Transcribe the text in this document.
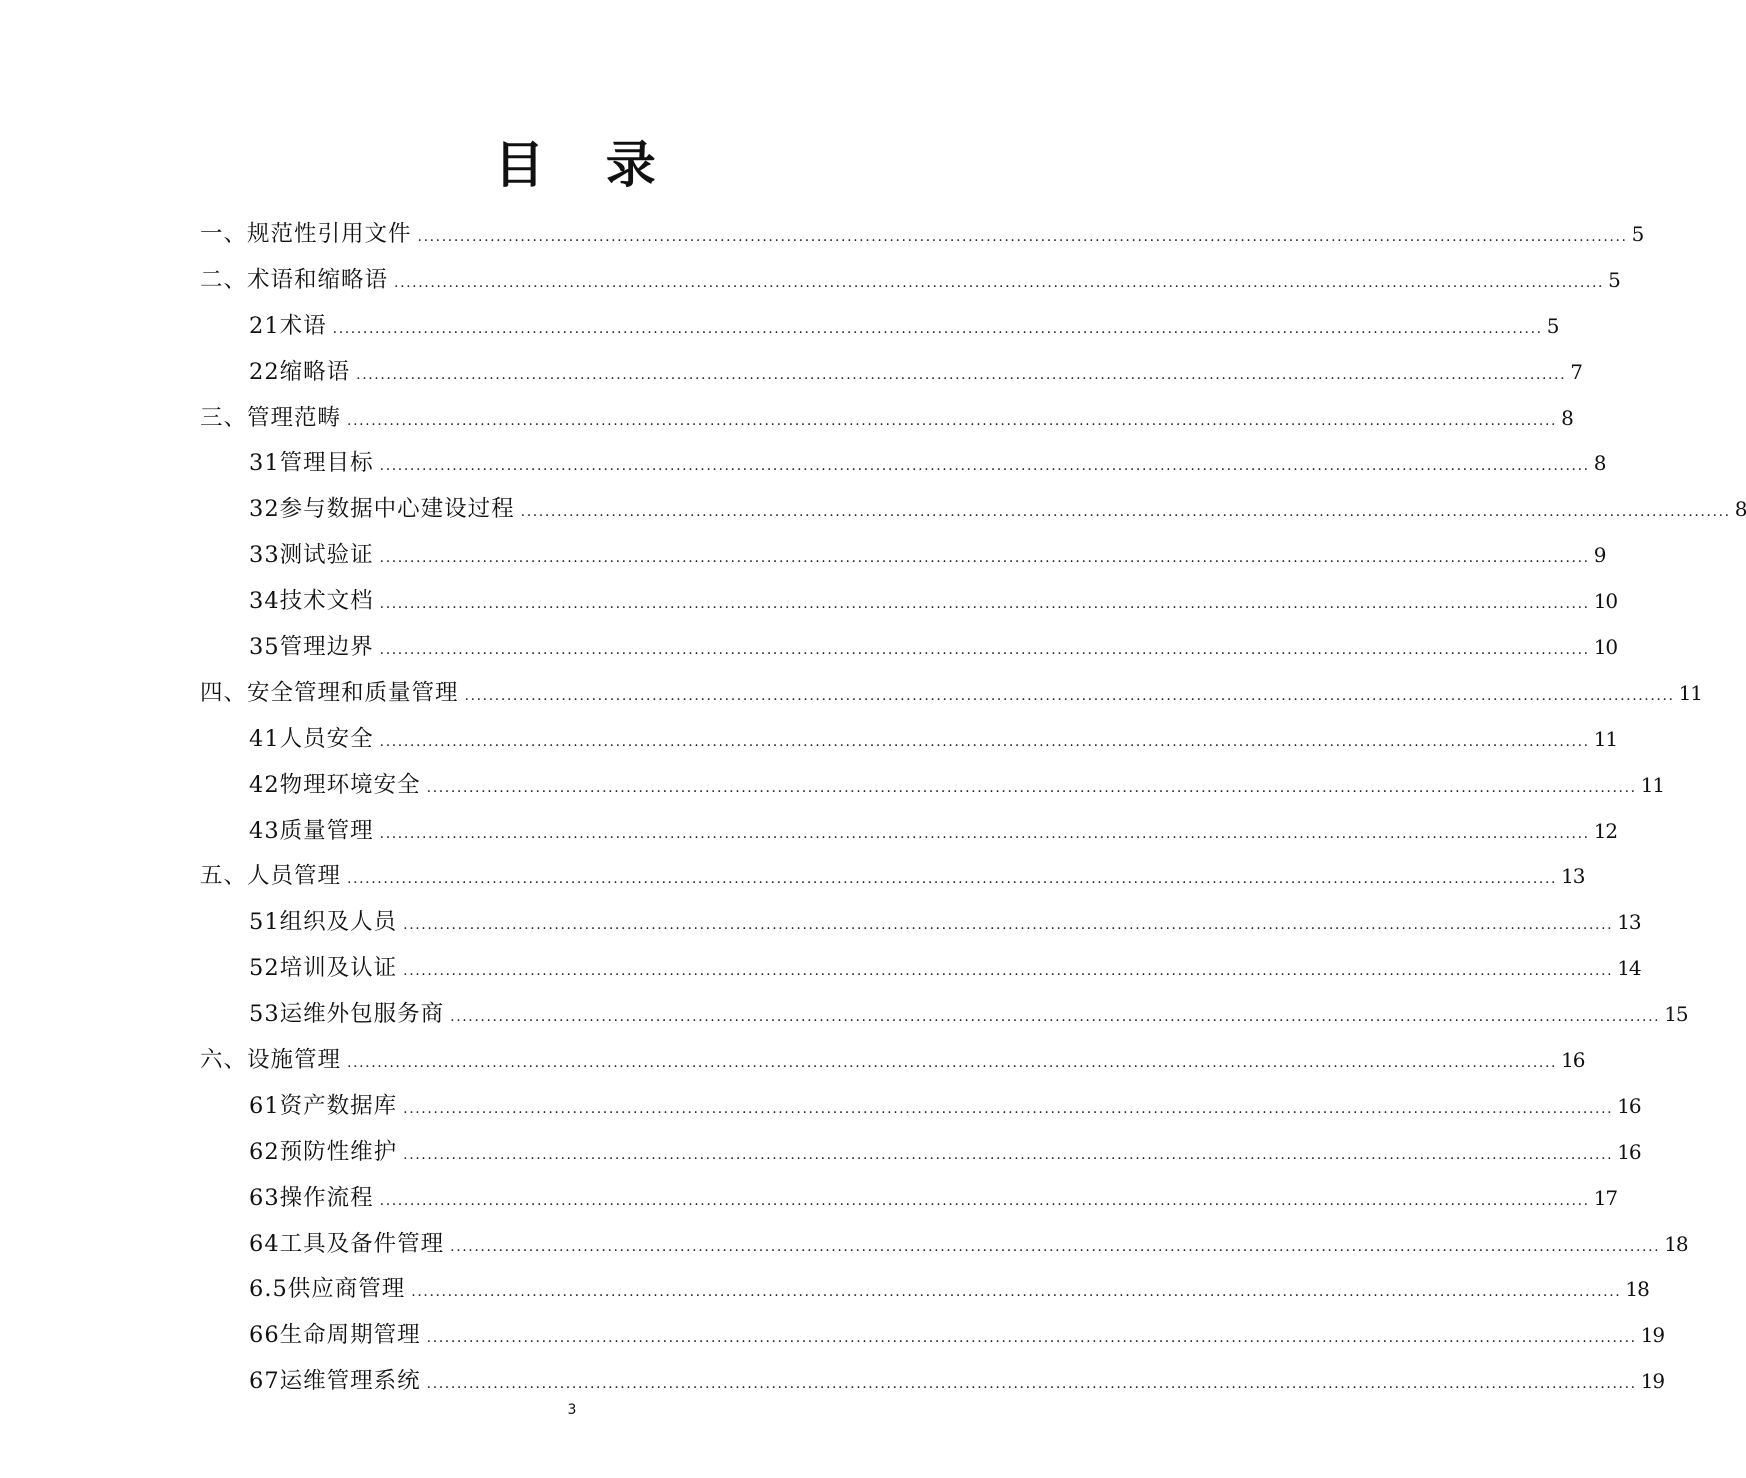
目 录
一、规范性引用文件 ........................................................................................................................................................................................................ 5
二、术语和缩略语 ........................................................................................................................................................................................................ 5
21术语 ........................................................................................................................................................................................................ 5
22缩略语 ........................................................................................................................................................................................................ 7
三、管理范畴 ........................................................................................................................................................................................................ 8
31管理目标 ........................................................................................................................................................................................................ 8
32参与数据中心建设过程 ........................................................................................................................................................................................................ 8
33测试验证 ........................................................................................................................................................................................................ 9
34技术文档 ........................................................................................................................................................................................................ 10
35管理边界 ........................................................................................................................................................................................................ 10
四、安全管理和质量管理 ........................................................................................................................................................................................................ 11
41人员安全 ........................................................................................................................................................................................................ 11
42物理环境安全 ........................................................................................................................................................................................................ 11
43质量管理 ........................................................................................................................................................................................................ 12
五、人员管理 ........................................................................................................................................................................................................ 13
51组织及人员 ........................................................................................................................................................................................................ 13
52培训及认证 ........................................................................................................................................................................................................ 14
53运维外包服务商 ........................................................................................................................................................................................................ 15
六、设施管理 ........................................................................................................................................................................................................ 16
61资产数据库 ........................................................................................................................................................................................................ 16
62预防性维护 ........................................................................................................................................................................................................ 16
63操作流程 ........................................................................................................................................................................................................ 17
64工具及备件管理 ........................................................................................................................................................................................................ 18
6.5供应商管理 ........................................................................................................................................................................................................ 18
66生命周期管理 ........................................................................................................................................................................................................ 19
67运维管理系统 ........................................................................................................................................................................................................ 19
3
